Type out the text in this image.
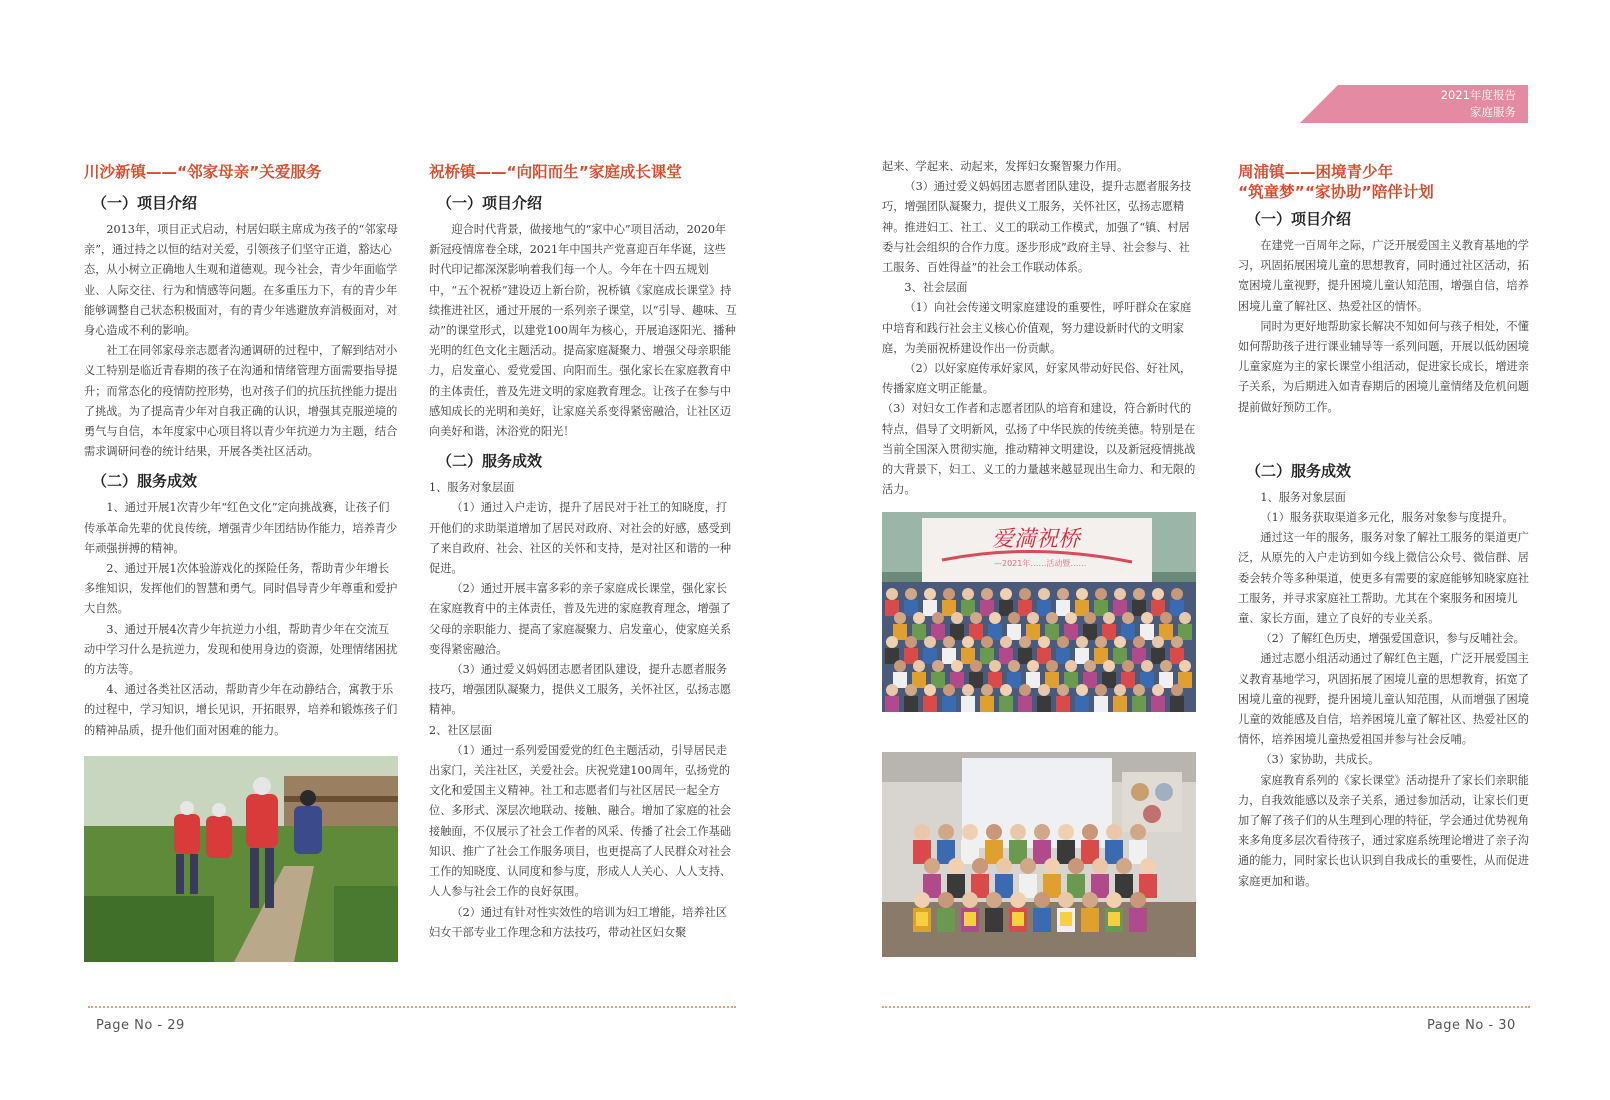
2021年度报告
家庭服务
川沙新镇——“邻家母亲”关爱服务
（一）项目介绍

2013年，项目正式启动，村居妇联主席成为孩子的“邻家母亲”，通过持之以恒的结对关爱，引领孩子们坚守正道，豁达心态，从小树立正确地人生观和道德观。现今社会，青少年面临学业、人际交往、行为和情感等问题。在多重压力下，有的青少年能够调整自己状态积极面对，有的青少年逃避放弃消极面对，对身心造成不利的影响。

社工在同邻家母亲志愿者沟通调研的过程中，了解到结对小义工特别是临近青春期的孩子在沟通和情绪管理方面需要指导提升；而常态化的疫情防控形势，也对孩子们的抗压抗挫能力提出了挑战。为了提高青少年对自我正确的认识，增强其克服逆境的勇气与自信，本年度家中心项目将以青少年抗逆力为主题，结合需求调研问卷的统计结果，开展各类社区活动。

（二）服务成效

1、通过开展1次青少年“红色文化”定向挑战赛，让孩子们传承革命先辈的优良传统，增强青少年团结协作能力，培养青少年顽强拼搏的精神。

2、通过开展1次体验游戏化的探险任务，帮助青少年增长多维知识，发挥他们的智慧和勇气。同时倡导青少年尊重和爱护大自然。

3、通过开展4次青少年抗逆力小组，帮助青少年在交流互动中学习什么是抗逆力，发现和使用身边的资源，处理情绪困扰的方法等。

4、通过各类社区活动，帮助青少年在动静结合，寓教于乐的过程中，学习知识，增长见识，开拓眼界，培养和锻炼孩子们的精神品质，提升他们面对困难的能力。

祝桥镇——“向阳而生”家庭成长课堂
（一）项目介绍

迎合时代背景，做接地气的“家中心”项目活动，2020年新冠疫情席卷全球，2021年中国共产党喜迎百年华诞，这些时代印记都深深影响着我们每一个人。今年在十四五规划中，“五个祝桥”建设迈上新台阶，祝桥镇《家庭成长课堂》持续推进社区，通过开展的一系列亲子课堂，以“引导、趣味、互动”的课堂形式，以建党100周年为核心，开展追逐阳光、播种光明的红色文化主题活动。提高家庭凝聚力、增强父母亲职能力，启发童心、爱党爱国、向阳而生。强化家长在家庭教育中的主体责任，普及先进文明的家庭教育理念。让孩子在参与中感知成长的光明和美好，让家庭关系变得紧密融洽，让社区迈向美好和谐，沐浴党的阳光！

（二）服务成效

1、服务对象层面

（1）通过入户走访，提升了居民对于社工的知晓度，打开他们的求助渠道增加了居民对政府、对社会的好感，感受到了来自政府、社会、社区的关怀和支持，是对社区和谐的一种促进。

（2）通过开展丰富多彩的亲子家庭成长课堂，强化家长在家庭教育中的主体责任，普及先进的家庭教育理念，增强了父母的亲职能力、提高了家庭凝聚力、启发童心，使家庭关系变得紧密融洽。

（3）通过爱义妈妈团志愿者团队建设，提升志愿者服务技巧，增强团队凝聚力，提供义工服务，关怀社区，弘扬志愿精神。

2、社区层面

（1）通过一系列爱国爱党的红色主题活动，引导居民走出家门，关注社区，关爱社会。庆祝党建100周年，弘扬党的文化和爱国主义精神。社工和志愿者们与社区居民一起全方位、多形式、深层次地联动、接触、融合。增加了家庭的社会接触面，不仅展示了社会工作者的风采、传播了社会工作基础知识、推广了社会工作服务项目，也更提高了人民群众对社会工作的知晓度、认同度和参与度，形成人人关心、人人支持、人人参与社会工作的良好氛围。

（2）通过有针对性实效性的培训为妇工增能，培养社区妇女干部专业工作理念和方法技巧，带动社区妇女聚

起来、学起来、动起来，发挥妇女聚智聚力作用。

（3）通过爱义妈妈团志愿者团队建设，提升志愿者服务技巧，增强团队凝聚力，提供义工服务，关怀社区，弘扬志愿精神。推进妇工、社工、义工的联动工作模式，加强了“镇、村居委与社会组织的合作力度。逐步形成”政府主导、社会参与、社工服务、百姓得益”的社会工作联动体系。

3、社会层面

（1）向社会传递文明家庭建设的重要性，呼吁群众在家庭中培育和践行社会主义核心价值观，努力建设新时代的文明家庭，为美丽祝桥建设作出一份贡献。

（2）以好家庭传承好家风，好家风带动好民俗、好社风，传播家庭文明正能量。

（3）对妇女工作者和志愿者团队的培育和建设，符合新时代的特点，倡导了文明新风，弘扬了中华民族的传统美德。特别是在当前全国深入贯彻实施，推动精神文明建设，以及新冠疫情挑战的大背景下，妇工、义工的力量越来越显现出生命力、和无限的活力。

爱満祝桥
—2021年……活动暨……
周浦镇——困境青少年
“筑童梦”“家协助”陪伴计划
（一）项目介绍

在建党一百周年之际，广泛开展爱国主义教育基地的学习，巩固拓展困境儿童的思想教育，同时通过社区活动，拓宽困境儿童视野，提升困境儿童认知范围，增强自信，培养困境儿童了解社区、热爱社区的情怀。

同时为更好地帮助家长解决不知如何与孩子相处，不懂如何帮助孩子进行课业辅导等一系列问题，开展以低幼困境儿童家庭为主的家长课堂小组活动，促进家长成长，增进亲子关系，为后期进入如青春期后的困境儿童情绪及危机问题提前做好预防工作。

（二）服务成效

1、服务对象层面

（1）服务获取渠道多元化，服务对象参与度提升。

通过这一年的服务，服务对象了解社工服务的渠道更广泛，从原先的入户走访到如今线上微信公众号、微信群、居委会转介等多种渠道，使更多有需要的家庭能够知晓家庭社工服务，并寻求家庭社工帮助。尤其在个案服务和困境儿童、家长方面，建立了良好的专业关系。

（2）了解红色历史，增强爱国意识，参与反哺社会。

通过志愿小组活动通过了解红色主题，广泛开展爱国主义教育基地学习，巩固拓展了困境儿童的思想教育，拓宽了困境儿童的视野，提升困境儿童认知范围，从而增强了困境儿童的效能感及自信，培养困境儿童了解社区、热爱社区的情怀，培养困境儿童热爱祖国并参与社会反哺。

（3）家协助，共成长。

家庭教育系列的《家长课堂》活动提升了家长们亲职能力，自我效能感以及亲子关系，通过参加活动，让家长们更加了解了孩子们的从生理到心理的特征，学会通过优势视角来多角度多层次看待孩子，通过家庭系统理论增进了亲子沟通的能力，同时家长也认识到自我成长的重要性，从而促进家庭更加和谐。

Page No - 29	Page No - 30
